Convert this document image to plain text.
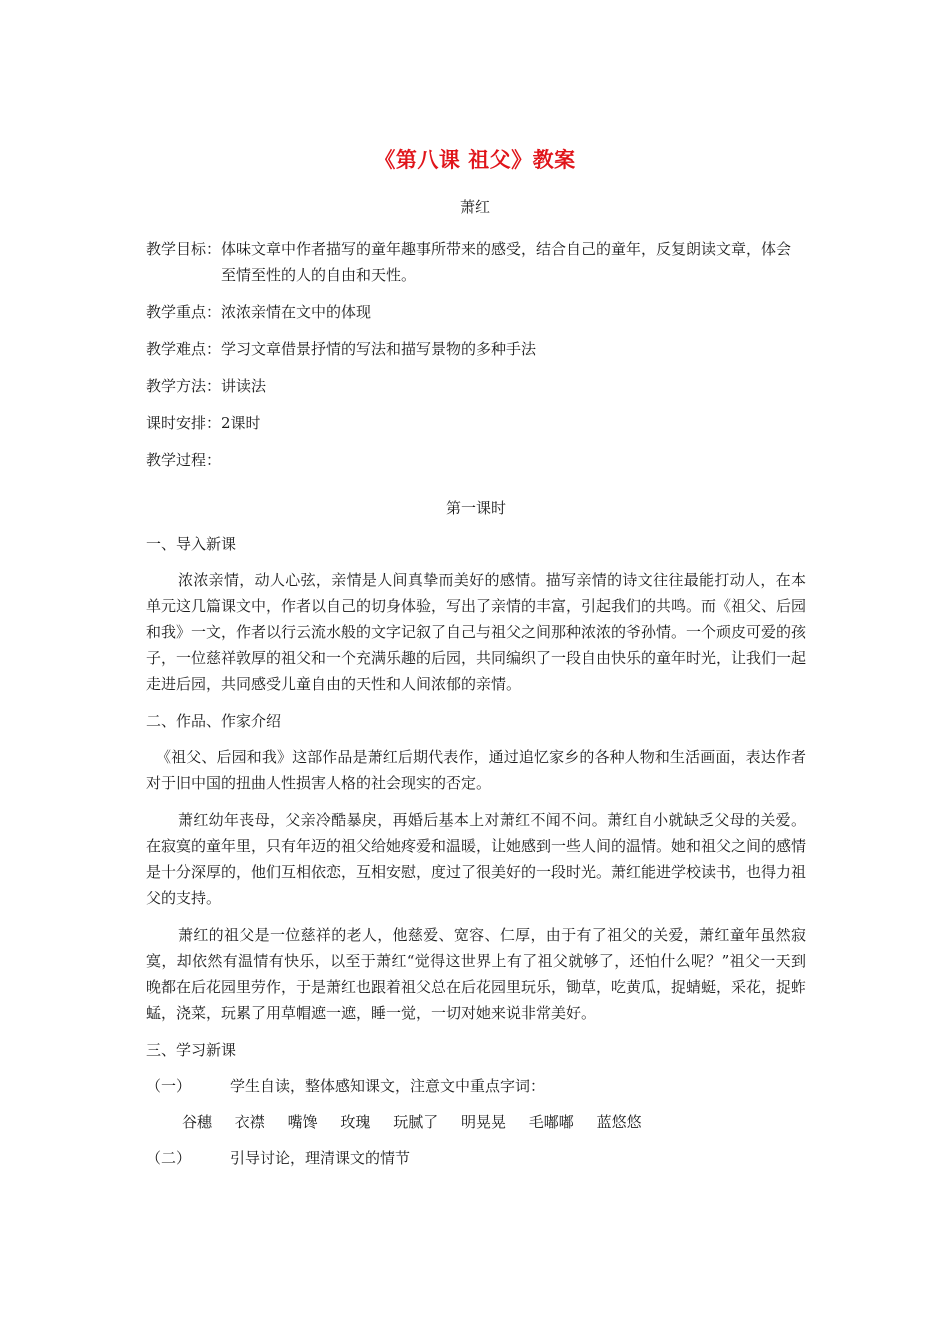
《第八课 祖父》教案
萧红
教学目标： 体味文章中作者描写的童年趣事所带来的感受，结合自己的童年，反复朗读文章，体会至情至性的人的自由和天性。
教学重点： 浓浓亲情在文中的体现
教学难点： 学习文章借景抒情的写法和描写景物的多种手法
教学方法： 讲读法
课时安排： 2课时
教学过程：
第一课时
一、导入新课

浓浓亲情，动人心弦，亲情是人间真挚而美好的感情。描写亲情的诗文往往最能打动人，在本单元这几篇课文中，作者以自己的切身体验，写出了亲情的丰富，引起我们的共鸣。而《祖父、后园和我》一文，作者以行云流水般的文字记叙了自己与祖父之间那种浓浓的爷孙情。一个顽皮可爱的孩子，一位慈祥敦厚的祖父和一个充满乐趣的后园，共同编织了一段自由快乐的童年时光，让我们一起走进后园，共同感受儿童自由的天性和人间浓郁的亲情。

二、作品、作家介绍

《祖父、后园和我》这部作品是萧红后期代表作，通过追忆家乡的各种人物和生活画面，表达作者对于旧中国的扭曲人性损害人格的社会现实的否定。

萧红幼年丧母，父亲冷酷暴戾，再婚后基本上对萧红不闻不问。萧红自小就缺乏父母的关爱。在寂寞的童年里，只有年迈的祖父给她疼爱和温暖，让她感到一些人间的温情。她和祖父之间的感情是十分深厚的，他们互相依恋，互相安慰，度过了很美好的一段时光。萧红能进学校读书，也得力祖父的支持。

萧红的祖父是一位慈祥的老人，他慈爱、宽容、仁厚，由于有了祖父的关爱，萧红童年虽然寂寞，却依然有温情有快乐，以至于萧红“觉得这世界上有了祖父就够了，还怕什么呢？”祖父一天到晚都在后花园里劳作，于是萧红也跟着祖父总在后花园里玩乐，锄草，吃黄瓜，捉蜻蜓，采花，捉蚱蜢，浇菜，玩累了用草帽遮一遮，睡一觉，一切对她来说非常美好。

三、学习新课
（一）	学生自读，整体感知课文，注意文中重点字词：
谷穗 衣襟 嘴馋 玫瑰 玩腻了 明晃晃 毛嘟嘟 蓝悠悠
（二）	引导讨论，理清课文的情节
